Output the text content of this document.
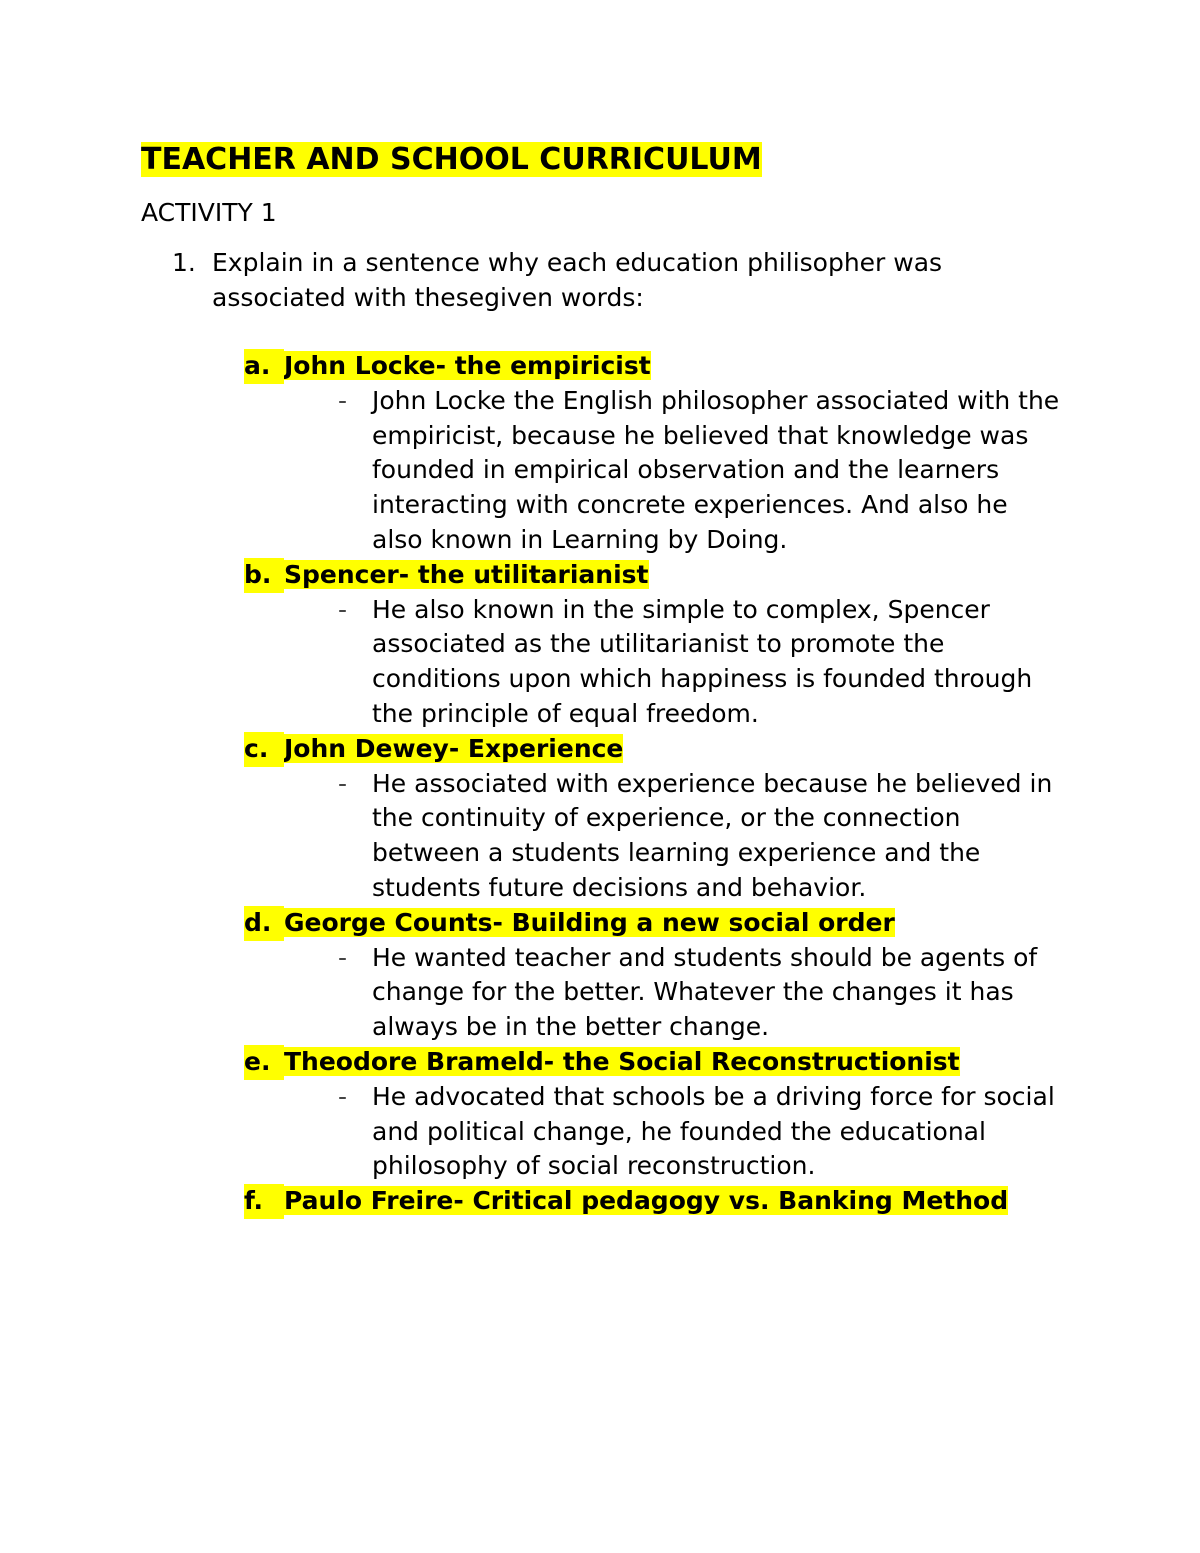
TEACHER AND SCHOOL CURRICULUM

ACTIVITY 1

1. Explain in a sentence why each education philisopher was associated with thesegiven words:
a. John Locke- the empiricist
- John Locke the English philosopher associated with the empiricist, because he believed that knowledge was founded in empirical observation and the learners interacting with concrete experiences. And also he also known in Learning by Doing.
b. Spencer- the utilitarianist
- He also known in the simple to complex, Spencer associated as the utilitarianist to promote the conditions upon which happiness is founded through the principle of equal freedom.
c. John Dewey- Experience
- He associated with experience because he believed in the continuity of experience, or the connection between a students learning experience and the students future decisions and behavior.
d. George Counts- Building a new social order
- He wanted teacher and students should be agents of change for the better. Whatever the changes it has always be in the better change.
e. Theodore Brameld- the Social Reconstructionist
- He advocated that schools be a driving force for social and political change, he founded the educational philosophy of social reconstruction.
f. Paulo Freire- Critical pedagogy vs. Banking Method
